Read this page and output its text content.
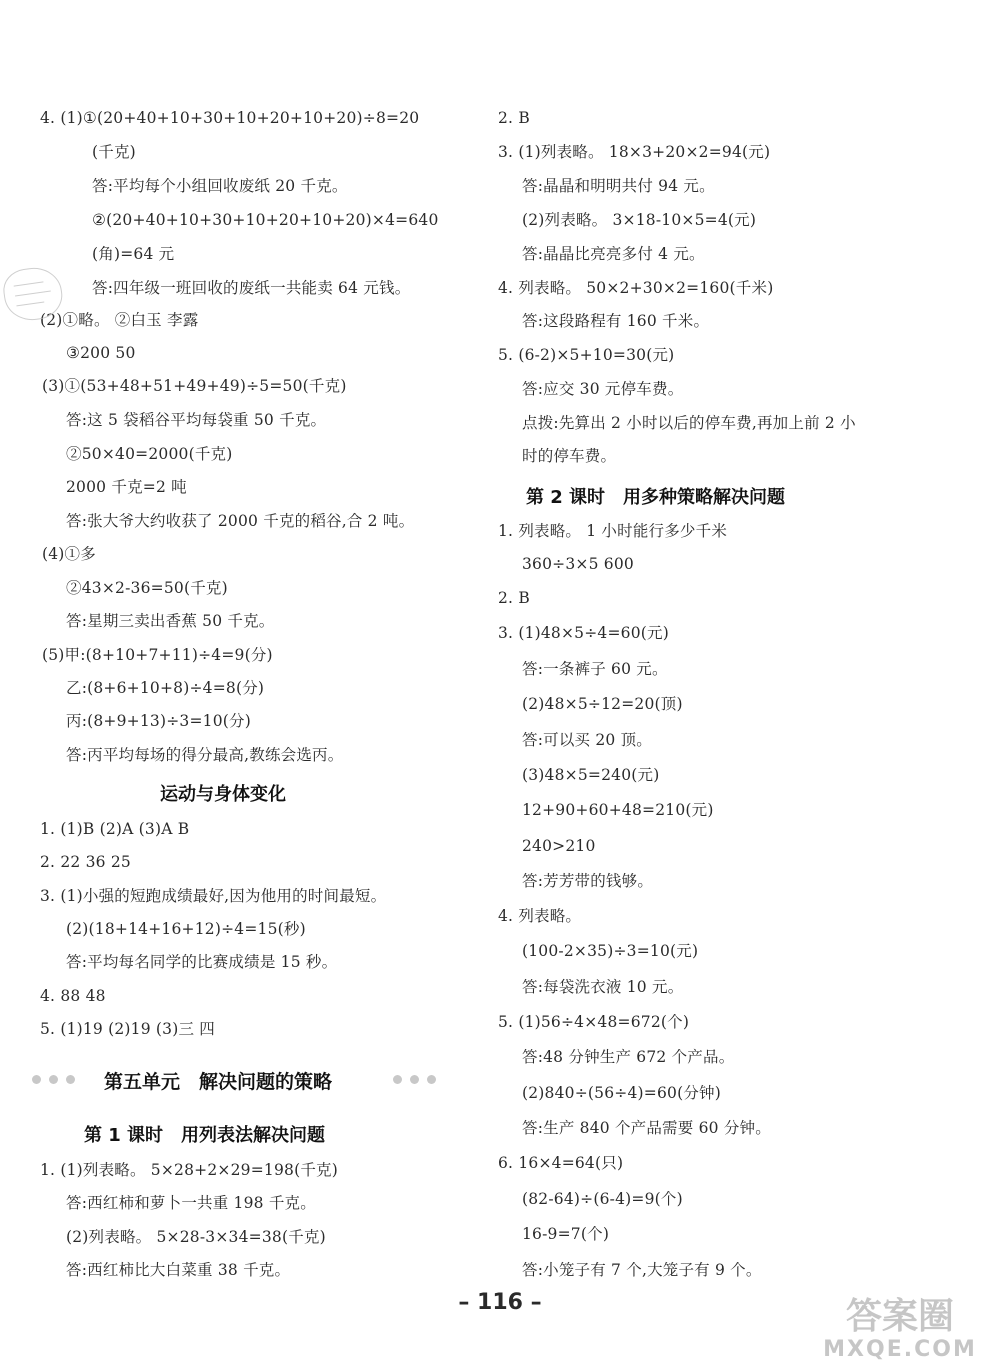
4. (1)①(20+40+10+30+10+20+10+20)÷8=20
(千克)
答:平均每个小组回收废纸 20 千克。
②(20+40+10+30+10+20+10+20)×4=640
(角)=64 元
答:四年级一班回收的废纸一共能卖 64 元钱。
(2)①略。 ②白玉 李露
③200 50
(3)①(53+48+51+49+49)÷5=50(千克)
答:这 5 袋稻谷平均每袋重 50 千克。
②50×40=2000(千克)
2000 千克=2 吨
答:张大爷大约收获了 2000 千克的稻谷,合 2 吨。
(4)①多
②43×2-36=50(千克)
答:星期三卖出香蕉 50 千克。
(5)甲:(8+10+7+11)÷4=9(分)
乙:(8+6+10+8)÷4=8(分)
丙:(8+9+13)÷3=10(分)
答:丙平均每场的得分最高,教练会选丙。
运动与身体变化
1. (1)B (2)A (3)A B
2. 22 36 25
3. (1)小强的短跑成绩最好,因为他用的时间最短。
(2)(18+14+16+12)÷4=15(秒)
答:平均每名同学的比赛成绩是 15 秒。
4. 88 48
5. (1)19 (2)19 (3)三 四
第五单元　解决问题的策略
第 1 课时　用列表法解决问题
1. (1)列表略。 5×28+2×29=198(千克)
答:西红柿和萝卜一共重 198 千克。
(2)列表略。 5×28-3×34=38(千克)
答:西红柿比大白菜重 38 千克。
2. B
3. (1)列表略。 18×3+20×2=94(元)
答:晶晶和明明共付 94 元。
(2)列表略。 3×18-10×5=4(元)
答:晶晶比亮亮多付 4 元。
4. 列表略。 50×2+30×2=160(千米)
答:这段路程有 160 千米。
5. (6-2)×5+10=30(元)
答:应交 30 元停车费。
点拨:先算出 2 小时以后的停车费,再加上前 2 小
时的停车费。
第 2 课时　用多种策略解决问题
1. 列表略。 1 小时能行多少千米
360÷3×5 600
2. B
3. (1)48×5÷4=60(元)
答:一条裤子 60 元。
(2)48×5÷12=20(顶)
答:可以买 20 顶。
(3)48×5=240(元)
12+90+60+48=210(元)
240>210
答:芳芳带的钱够。
4. 列表略。
(100-2×35)÷3=10(元)
答:每袋洗衣液 10 元。
5. (1)56÷4×48=672(个)
答:48 分钟生产 672 个产品。
(2)840÷(56÷4)=60(分钟)
答:生产 840 个产品需要 60 分钟。
6. 16×4=64(只)
(82-64)÷(6-4)=9(个)
16-9=7(个)
答:小笼子有 7 个,大笼子有 9 个。
– 116 –	答案圈
MXQE.COM
